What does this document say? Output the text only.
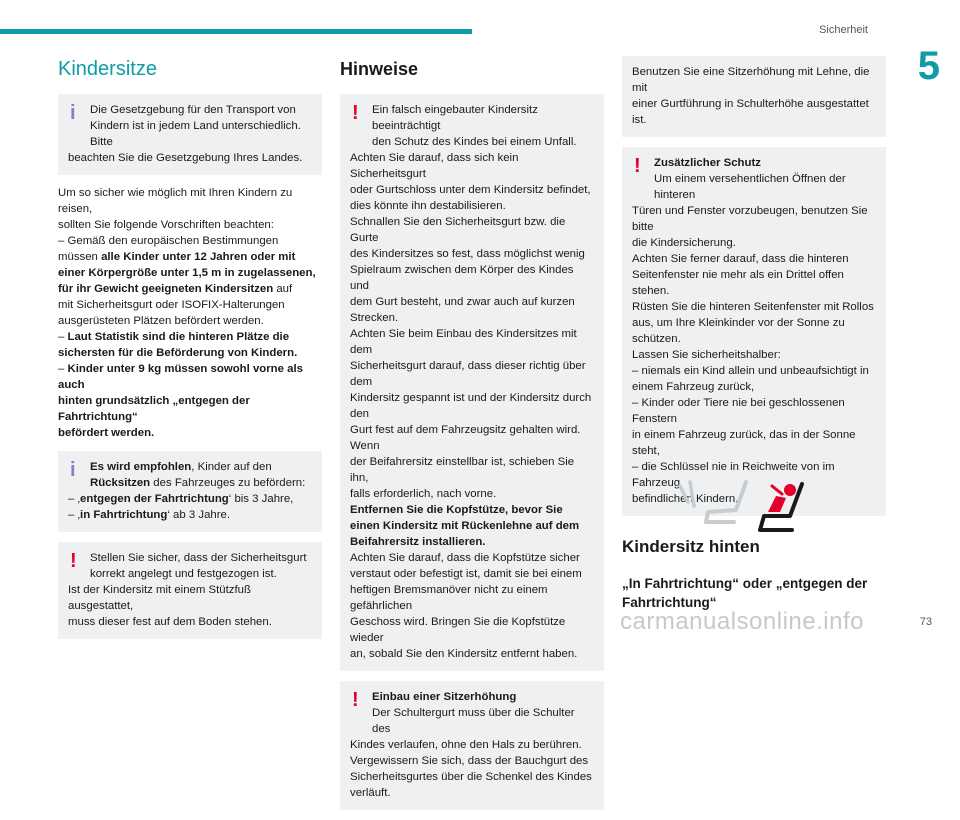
Sicherheit
5
73
carmanualsonline.info
Kindersitze
i	Die Gesetzgebung für den Transport von
Kindern ist in jedem Land unterschiedlich. Bitte
beachten Sie die Gesetzgebung Ihres Landes.
Um so sicher wie möglich mit Ihren Kindern zu reisen,
sollten Sie folgende Vorschriften beachten:
– Gemäß den europäischen Bestimmungen
müssen alle Kinder unter 12 Jahren oder mit
einer Körpergröße unter 1,5 m in zugelassenen,
für ihr Gewicht geeigneten Kindersitzen auf
mit Sicherheitsgurt oder ISOFIX-Halterungen
ausgerüsteten Plätzen befördert werden.
– Laut Statistik sind die hinteren Plätze die
sichersten für die Beförderung von Kindern.
– Kinder unter 9 kg müssen sowohl vorne als auch
hinten grundsätzlich „entgegen der Fahrtrichtung“
befördert werden.
i	Es wird empfohlen, Kinder auf den
Rücksitzen des Fahrzeuges zu befördern:
– ‚entgegen der Fahrtrichtung‘ bis 3 Jahre,
– ‚in Fahrtrichtung‘ ab 3 Jahre.
!	Stellen Sie sicher, dass der Sicherheitsgurt
korrekt angelegt und festgezogen ist.
Ist der Kindersitz mit einem Stützfuß ausgestattet,
muss dieser fest auf dem Boden stehen.
Hinweise
!	Ein falsch eingebauter Kindersitz beeinträchtigt
den Schutz des Kindes bei einem Unfall.
Achten Sie darauf, dass sich kein Sicherheitsgurt
oder Gurtschloss unter dem Kindersitz befindet,
dies könnte ihn destabilisieren.
Schnallen Sie den Sicherheitsgurt bzw. die Gurte
des Kindersitzes so fest, dass möglichst wenig
Spielraum zwischen dem Körper des Kindes und
dem Gurt besteht, und zwar auch auf kurzen
Strecken.
Achten Sie beim Einbau des Kindersitzes mit dem
Sicherheitsgurt darauf, dass dieser richtig über dem
Kindersitz gespannt ist und der Kindersitz durch den
Gurt fest auf dem Fahrzeugsitz gehalten wird. Wenn
der Beifahrersitz einstellbar ist, schieben Sie ihn,
falls erforderlich, nach vorne.
Entfernen Sie die Kopfstütze, bevor Sie
einen Kindersitz mit Rückenlehne auf dem
Beifahrersitz installieren.
Achten Sie darauf, dass die Kopfstütze sicher
verstaut oder befestigt ist, damit sie bei einem
heftigen Bremsmanöver nicht zu einem gefährlichen
Geschoss wird. Bringen Sie die Kopfstütze wieder
an, sobald Sie den Kindersitz entfernt haben.
!	Einbau einer Sitzerhöhung
Der Schultergurt muss über die Schulter des
Kindes verlaufen, ohne den Hals zu berühren.
Vergewissern Sie sich, dass der Bauchgurt des
Sicherheitsgurtes über die Schenkel des Kindes
verläuft.
Benutzen Sie eine Sitzerhöhung mit Lehne, die mit
einer Gurtführung in Schulterhöhe ausgestattet ist.
!	Zusätzlicher Schutz
Um einem versehentlichen Öffnen der hinteren
Türen und Fenster vorzubeugen, benutzen Sie bitte
die Kindersicherung.
Achten Sie ferner darauf, dass die hinteren
Seitenfenster nie mehr als ein Drittel offen stehen.
Rüsten Sie die hinteren Seitenfenster mit Rollos
aus, um Ihre Kleinkinder vor der Sonne zu
schützen.
Lassen Sie sicherheitshalber:
– niemals ein Kind allein und unbeaufsichtigt in
einem Fahrzeug zurück,
– Kinder oder Tiere nie bei geschlossenen Fenstern
in einem Fahrzeug zurück, das in der Sonne steht,
– die Schlüssel nie in Reichweite von im Fahrzeug
befindlichen Kindern.
Kindersitz hinten
„In Fahrtrichtung“ oder „entgegen der
Fahrtrichtung“
